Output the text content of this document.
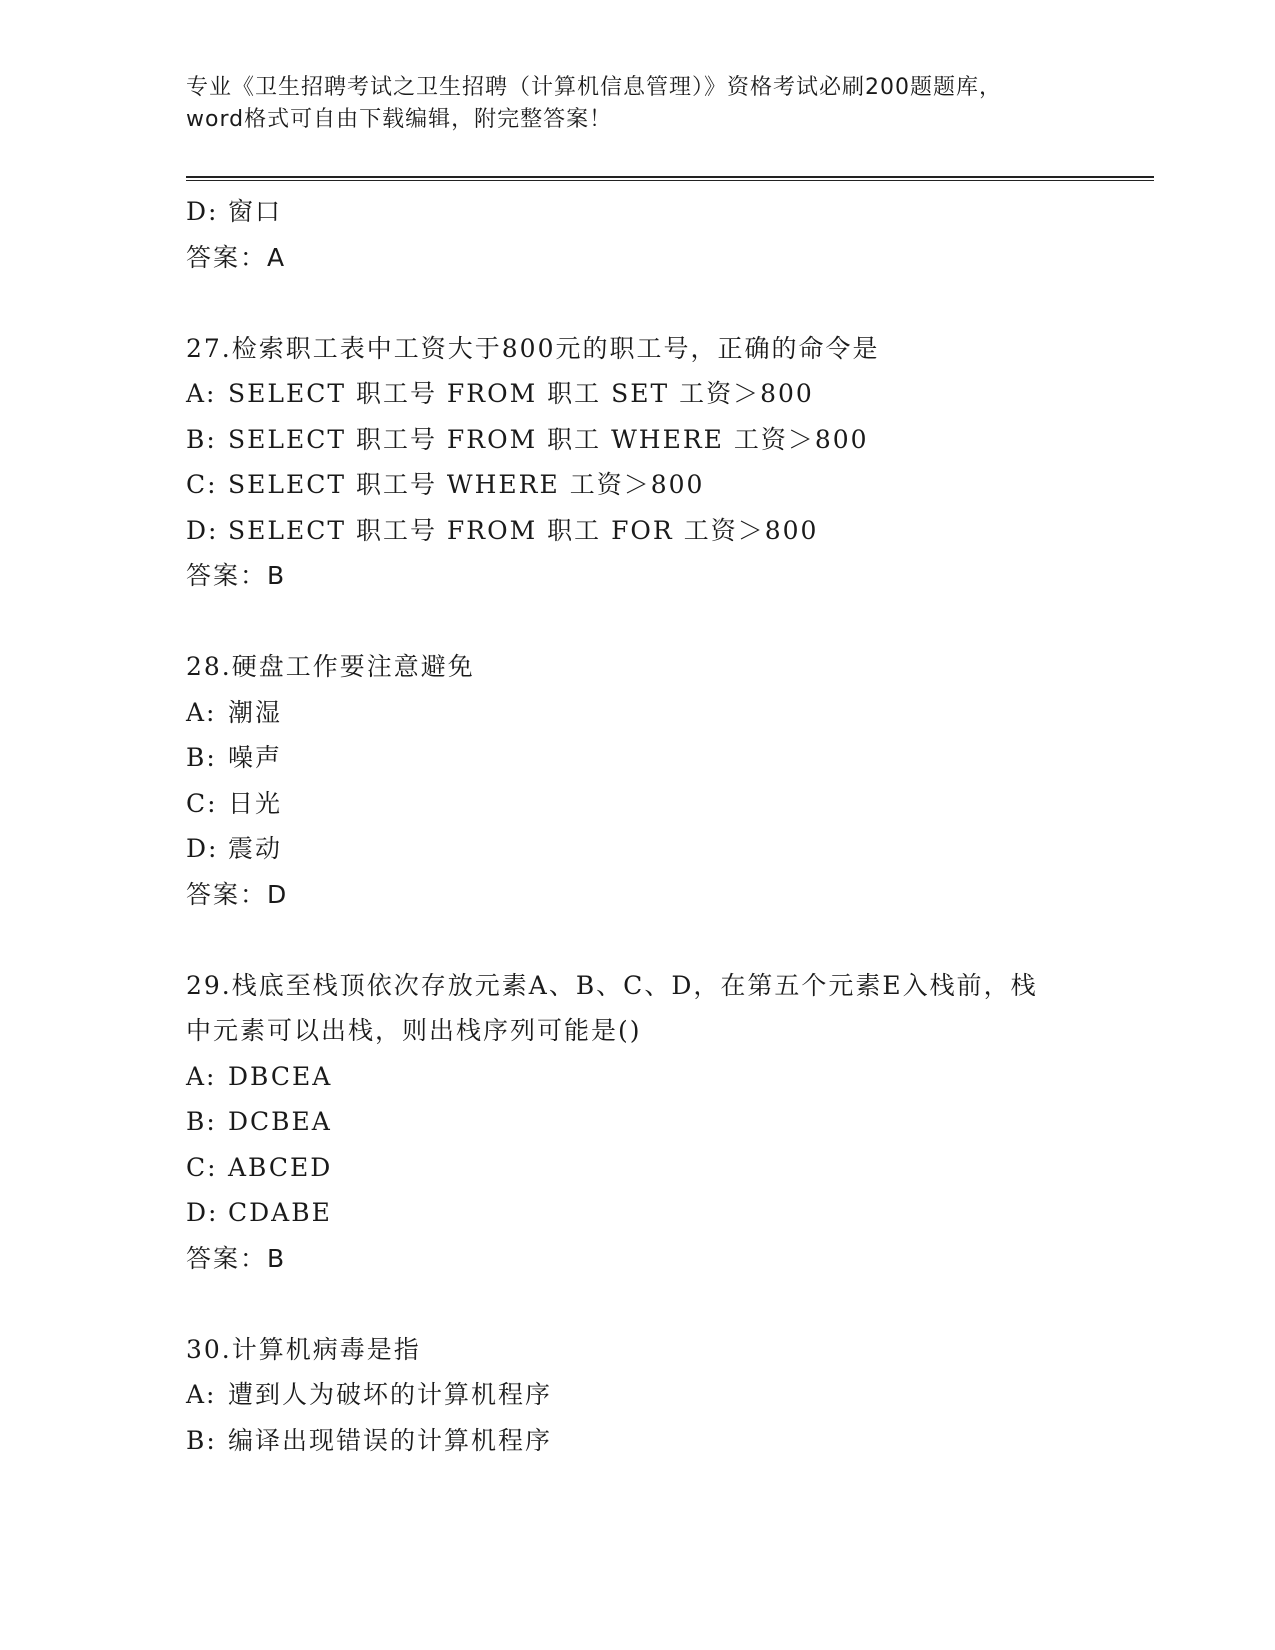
专业《卫生招聘考试之卫生招聘（计算机信息管理）》资格考试必刷200题题库，
word格式可自由下载编辑，附完整答案！
D: 窗口
答案：A
27.检索职工表中工资大于800元的职工号，正确的命令是
A: SELECT 职工号 FROM 职工 SET 工资＞800
B: SELECT 职工号 FROM 职工 WHERE 工资＞800
C: SELECT 职工号 WHERE 工资＞800
D: SELECT 职工号 FROM 职工 FOR 工资＞800
答案：B
28.硬盘工作要注意避免
A: 潮湿
B: 噪声
C: 日光
D: 震动
答案：D
29.栈底至栈顶依次存放元素A、B、C、D，在第五个元素E入栈前，栈
中元素可以出栈，则出栈序列可能是()
A: DBCEA
B: DCBEA
C: ABCED
D: CDABE
答案：B
30.计算机病毒是指
A: 遭到人为破坏的计算机程序
B: 编译出现错误的计算机程序
